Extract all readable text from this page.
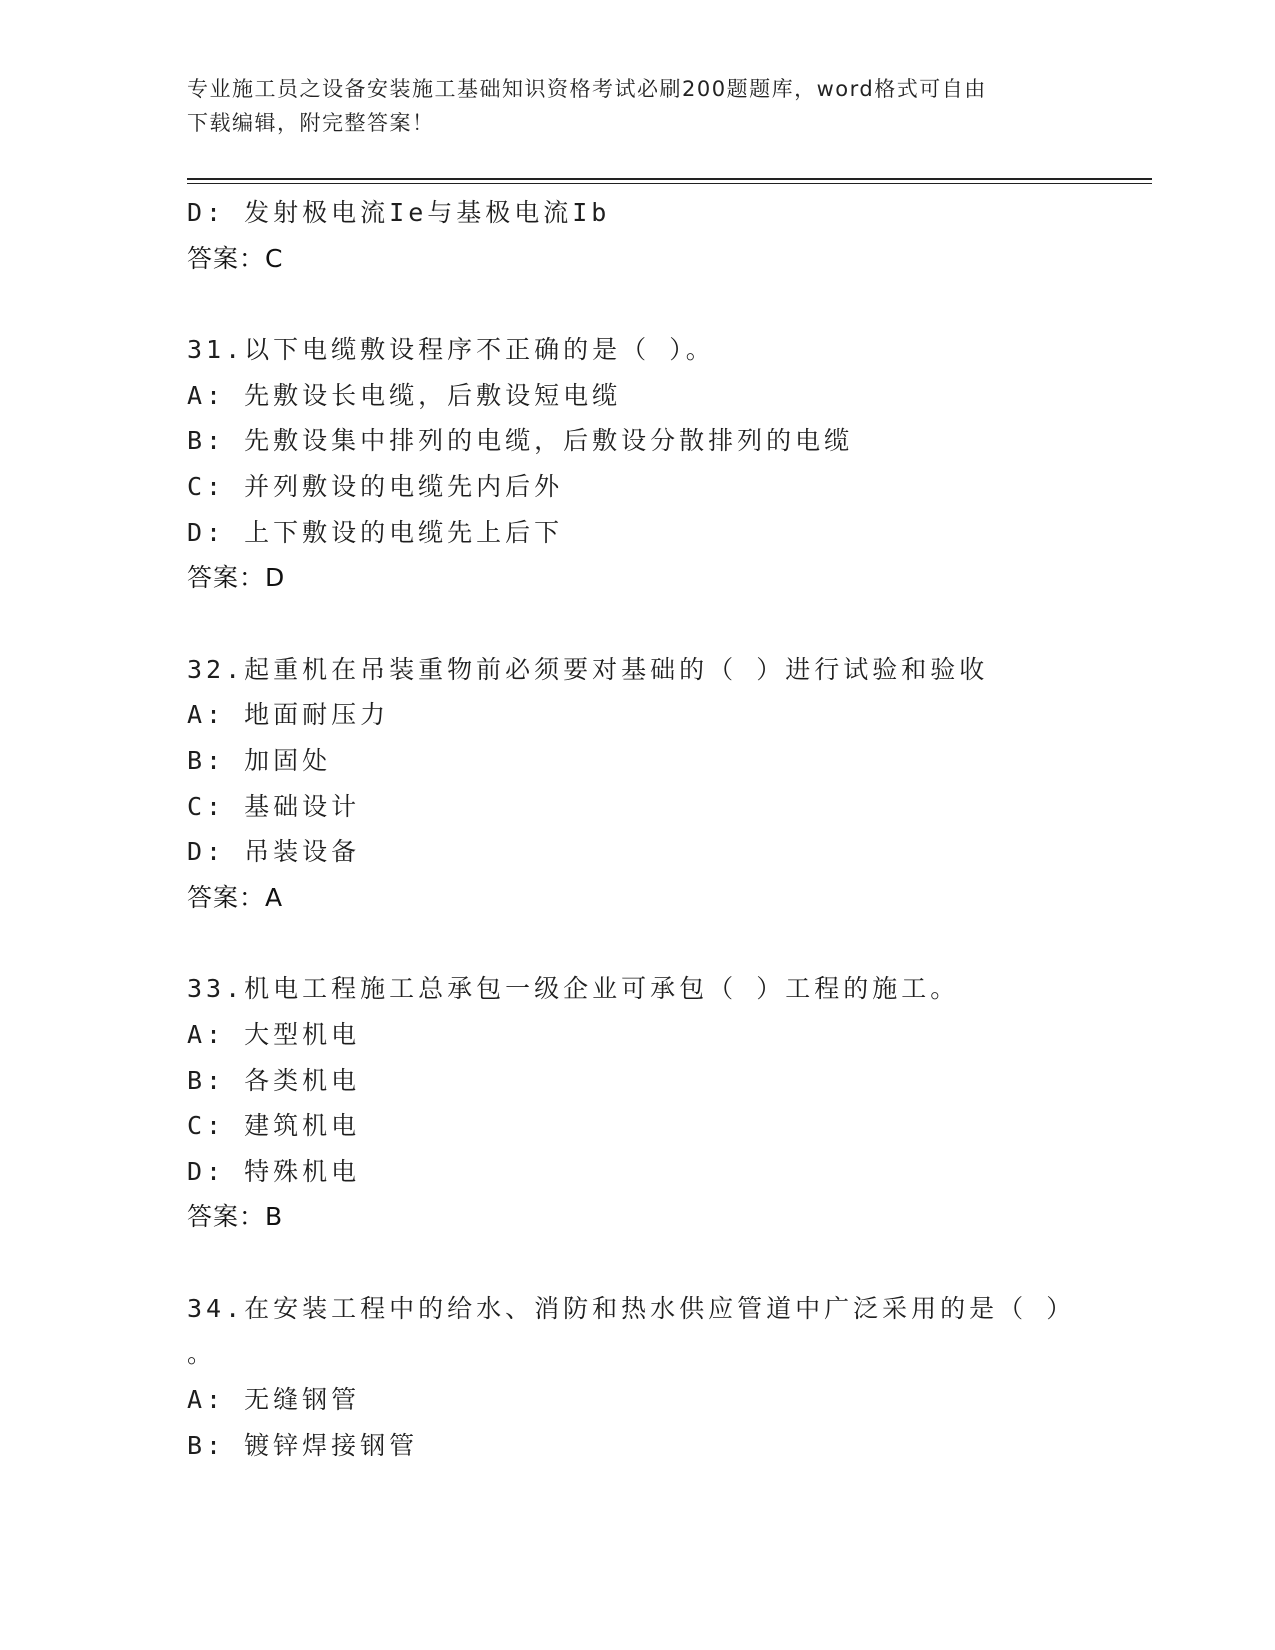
专业施工员之设备安装施工基础知识资格考试必刷200题题库，word格式可自由
下载编辑，附完整答案！
D: 发射极电流Ie与基极电流Ib
答案：C
31.以下电缆敷设程序不正确的是（ ）。
A: 先敷设长电缆，后敷设短电缆
B: 先敷设集中排列的电缆，后敷设分散排列的电缆
C: 并列敷设的电缆先内后外
D: 上下敷设的电缆先上后下
答案：D
32.起重机在吊装重物前必须要对基础的（ ）进行试验和验收
A: 地面耐压力
B: 加固处
C: 基础设计
D: 吊装设备
答案：A
33.机电工程施工总承包一级企业可承包（ ）工程的施工。
A: 大型机电
B: 各类机电
C: 建筑机电
D: 特殊机电
答案：B
34.在安装工程中的给水、消防和热水供应管道中广泛采用的是（ ）
。
A: 无缝钢管
B: 镀锌焊接钢管
